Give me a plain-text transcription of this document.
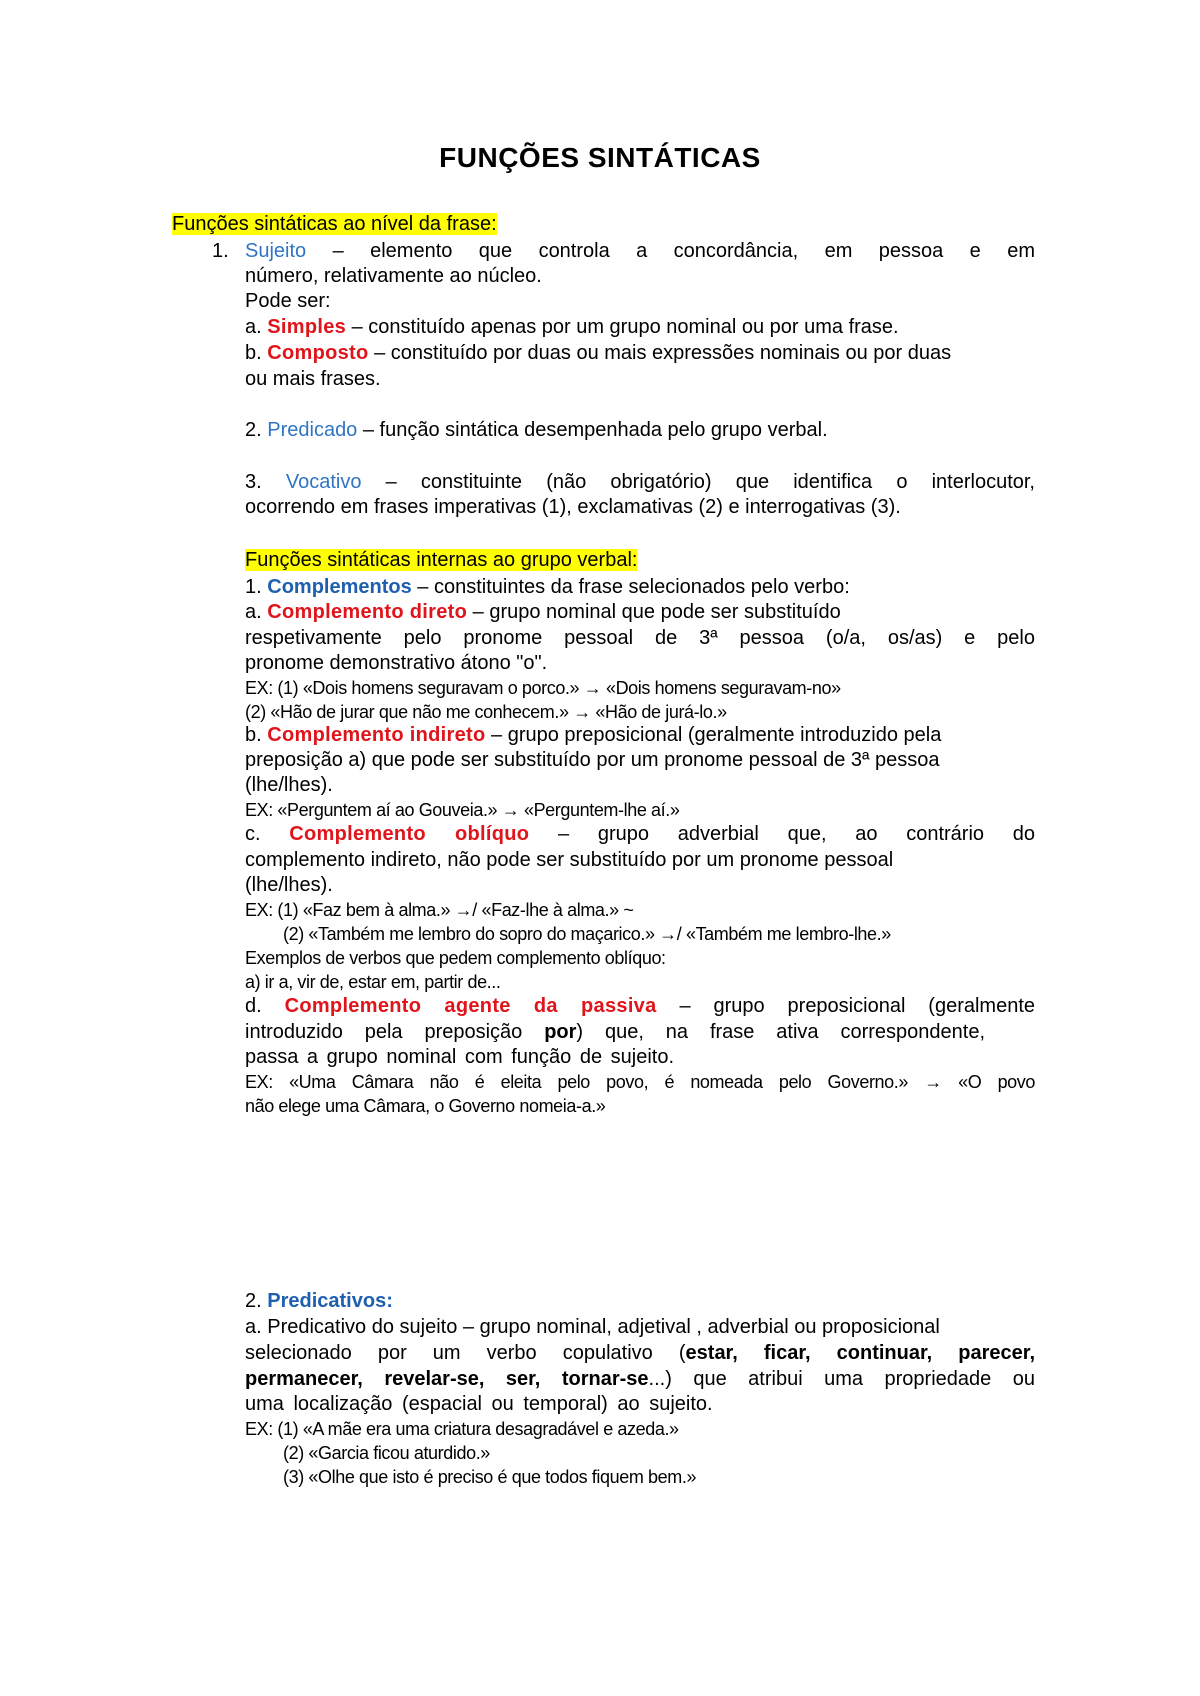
FUNÇÕES SINTÁTICAS
Funções sintáticas ao nível da frase:
1. Sujeito – elemento que controla a concordância, em pessoa e em
número, relativamente ao núcleo.
Pode ser:
a. Simples – constituído apenas por um grupo nominal ou por uma frase.
b. Composto – constituído por duas ou mais expressões nominais ou por duas
ou mais frases.
2. Predicado – função sintática desempenhada pelo grupo verbal.
3. Vocativo – constituinte (não obrigatório) que identifica o interlocutor,
ocorrendo em frases imperativas (1), exclamativas (2) e interrogativas (3).
Funções sintáticas internas ao grupo verbal:
1. Complementos – constituintes da frase selecionados pelo verbo:
a. Complemento direto – grupo nominal que pode ser substituído
respetivamente pelo pronome pessoal de 3ª pessoa (o/a, os/as) e pelo
pronome demonstrativo átono "o".
EX: (1) «Dois homens seguravam o porco.» → «Dois homens seguravam-no»
(2) «Hão de jurar que não me conhecem.» → «Hão de jurá-lo.»
b. Complemento indireto – grupo preposicional (geralmente introduzido pela
preposição a) que pode ser substituído por um pronome pessoal de 3ª pessoa
(lhe/lhes).
EX: «Perguntem aí ao Gouveia.» → «Perguntem-lhe aí.»
c. Complemento oblíquo – grupo adverbial que, ao contrário do
complemento indireto, não pode ser substituído por um pronome pessoal
(lhe/lhes).
EX: (1) «Faz bem à alma.» →/ «Faz-lhe à alma.» ~
(2) «Também me lembro do sopro do maçarico.» →/ «Também me lembro-lhe.»
Exemplos de verbos que pedem complemento oblíquo:
a) ir a, vir de, estar em, partir de...
d. Complemento agente da passiva – grupo preposicional (geralmente
introduzido pela preposição por) que, na frase ativa correspondente,
passa a grupo nominal com função de sujeito.
EX: «Uma Câmara não é eleita pelo povo, é nomeada pelo Governo.» → «O povo
não elege uma Câmara, o Governo nomeia-a.»
2. Predicativos:
a. Predicativo do sujeito – grupo nominal, adjetival , adverbial ou proposicional
selecionado por um verbo copulativo (estar, ficar, continuar, parecer,
permanecer, revelar-se, ser, tornar-se...) que atribui uma propriedade ou
uma localização (espacial ou temporal) ao sujeito.
EX: (1) «A mãe era uma criatura desagradável e azeda.»
(2) «Garcia ficou aturdido.»
(3) «Olhe que isto é preciso é que todos fiquem bem.»
